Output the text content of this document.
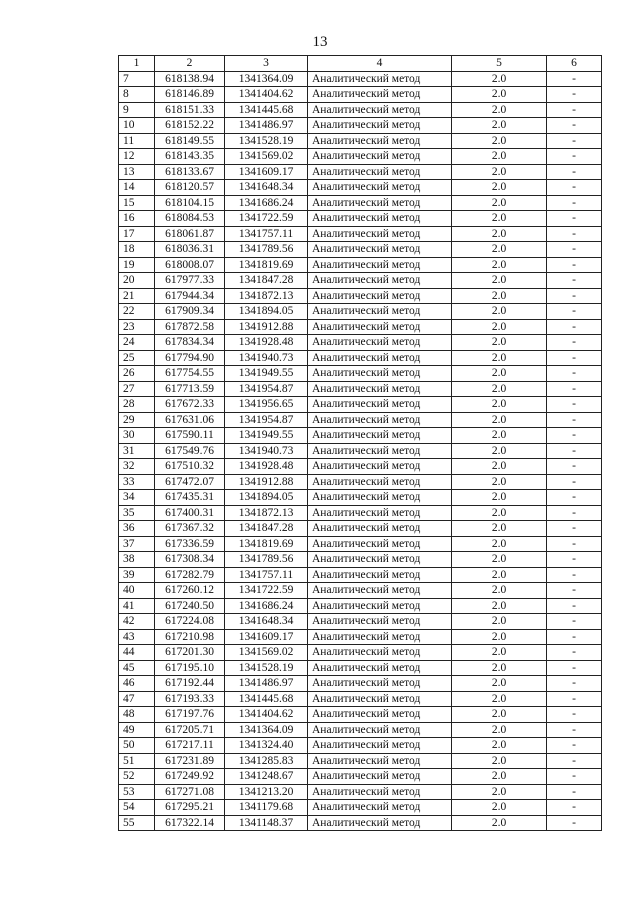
13
1	2	3	4	5	6
7	618138.94	1341364.09	Аналитический метод	2.0	-
8	618146.89	1341404.62	Аналитический метод	2.0	-
9	618151.33	1341445.68	Аналитический метод	2.0	-
10	618152.22	1341486.97	Аналитический метод	2.0	-
11	618149.55	1341528.19	Аналитический метод	2.0	-
12	618143.35	1341569.02	Аналитический метод	2.0	-
13	618133.67	1341609.17	Аналитический метод	2.0	-
14	618120.57	1341648.34	Аналитический метод	2.0	-
15	618104.15	1341686.24	Аналитический метод	2.0	-
16	618084.53	1341722.59	Аналитический метод	2.0	-
17	618061.87	1341757.11	Аналитический метод	2.0	-
18	618036.31	1341789.56	Аналитический метод	2.0	-
19	618008.07	1341819.69	Аналитический метод	2.0	-
20	617977.33	1341847.28	Аналитический метод	2.0	-
21	617944.34	1341872.13	Аналитический метод	2.0	-
22	617909.34	1341894.05	Аналитический метод	2.0	-
23	617872.58	1341912.88	Аналитический метод	2.0	-
24	617834.34	1341928.48	Аналитический метод	2.0	-
25	617794.90	1341940.73	Аналитический метод	2.0	-
26	617754.55	1341949.55	Аналитический метод	2.0	-
27	617713.59	1341954.87	Аналитический метод	2.0	-
28	617672.33	1341956.65	Аналитический метод	2.0	-
29	617631.06	1341954.87	Аналитический метод	2.0	-
30	617590.11	1341949.55	Аналитический метод	2.0	-
31	617549.76	1341940.73	Аналитический метод	2.0	-
32	617510.32	1341928.48	Аналитический метод	2.0	-
33	617472.07	1341912.88	Аналитический метод	2.0	-
34	617435.31	1341894.05	Аналитический метод	2.0	-
35	617400.31	1341872.13	Аналитический метод	2.0	-
36	617367.32	1341847.28	Аналитический метод	2.0	-
37	617336.59	1341819.69	Аналитический метод	2.0	-
38	617308.34	1341789.56	Аналитический метод	2.0	-
39	617282.79	1341757.11	Аналитический метод	2.0	-
40	617260.12	1341722.59	Аналитический метод	2.0	-
41	617240.50	1341686.24	Аналитический метод	2.0	-
42	617224.08	1341648.34	Аналитический метод	2.0	-
43	617210.98	1341609.17	Аналитический метод	2.0	-
44	617201.30	1341569.02	Аналитический метод	2.0	-
45	617195.10	1341528.19	Аналитический метод	2.0	-
46	617192.44	1341486.97	Аналитический метод	2.0	-
47	617193.33	1341445.68	Аналитический метод	2.0	-
48	617197.76	1341404.62	Аналитический метод	2.0	-
49	617205.71	1341364.09	Аналитический метод	2.0	-
50	617217.11	1341324.40	Аналитический метод	2.0	-
51	617231.89	1341285.83	Аналитический метод	2.0	-
52	617249.92	1341248.67	Аналитический метод	2.0	-
53	617271.08	1341213.20	Аналитический метод	2.0	-
54	617295.21	1341179.68	Аналитический метод	2.0	-
55	617322.14	1341148.37	Аналитический метод	2.0	-
